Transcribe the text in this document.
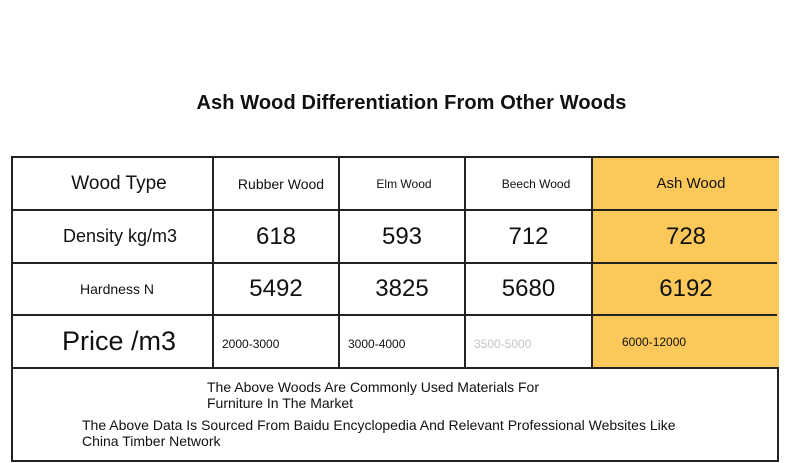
Ash Wood Differentiation From Other Woods
Wood Type	Rubber Wood	Elm Wood	Beech Wood	Ash Wood
Density kg/m3	618	593	712	728
Hardness N	5492	3825	5680	6192
Price /m3	2000-3000	3000-4000	3500-5000	6000-12000
The Above Woods Are Commonly Used Materials For
Furniture In The Market
The Above Data Is Sourced From Baidu Encyclopedia And Relevant Professional Websites Like
China Timber Network
